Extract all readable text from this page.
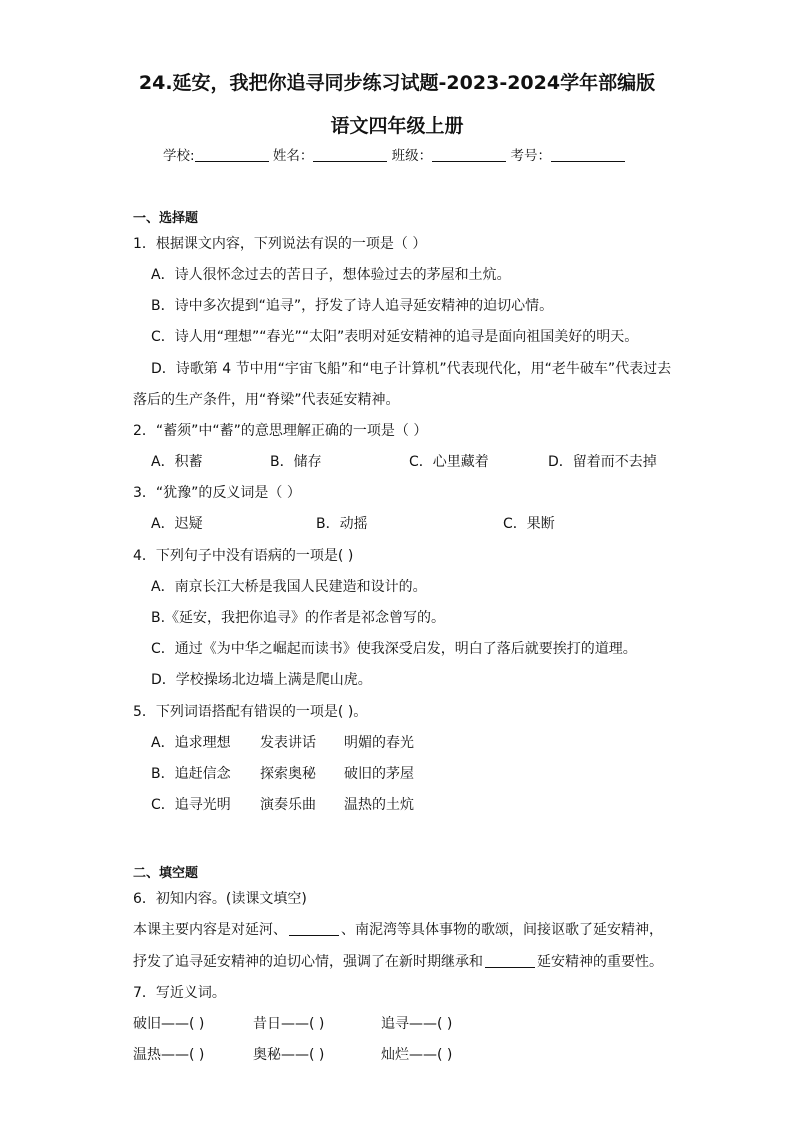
24.延安，我把你追寻同步练习试题-2023-2024学年部编版
语文四年级上册
学校:	姓名：	班级：	考号：
一、选择题
1．根据课文内容，下列说法有误的一项是（ ）
A．诗人很怀念过去的苦日子，想体验过去的茅屋和土炕。
B．诗中多次提到“追寻”，抒发了诗人追寻延安精神的迫切心情。
C．诗人用“理想”“春光”“太阳”表明对延安精神的追寻是面向祖国美好的明天。
D．诗歌第 4 节中用“宇宙飞船”和“电子计算机”代表现代化，用“老牛破车”代表过去
落后的生产条件，用“脊梁”代表延安精神。
2．“蓄须”中“蓄”的意思理解正确的一项是（ ）
A．积蓄	B．储存	C．心里藏着	D．留着而不去掉
3．“犹豫”的反义词是（ ）
A．迟疑	B．动摇	C．果断
4．下列句子中没有语病的一项是( )
A．南京长江大桥是我国人民建造和设计的。
B.《延安，我把你追寻》的作者是祁念曾写的。
C．通过《为中华之崛起而读书》使我深受启发，明白了落后就要挨打的道理。
D．学校操场北边墙上满是爬山虎。
5．下列词语搭配有错误的一项是( )。
A．追求理想 发表讲话 明媚的春光
B．追赶信念 探索奥秘 破旧的茅屋
C．追寻光明 演奏乐曲 温热的土炕
二、填空题
6．初知内容。(读课文填空)
本课主要内容是对延河、	、南泥湾等具体事物的歌颂，间接讴歌了延安精神，
抒发了追寻延安精神的迫切心情，强调了在新时期继承和	延安精神的重要性。
7．写近义词。
破旧——( )	昔日——( )	追寻——( )
温热——( )	奥秘——( )	灿烂——( )
